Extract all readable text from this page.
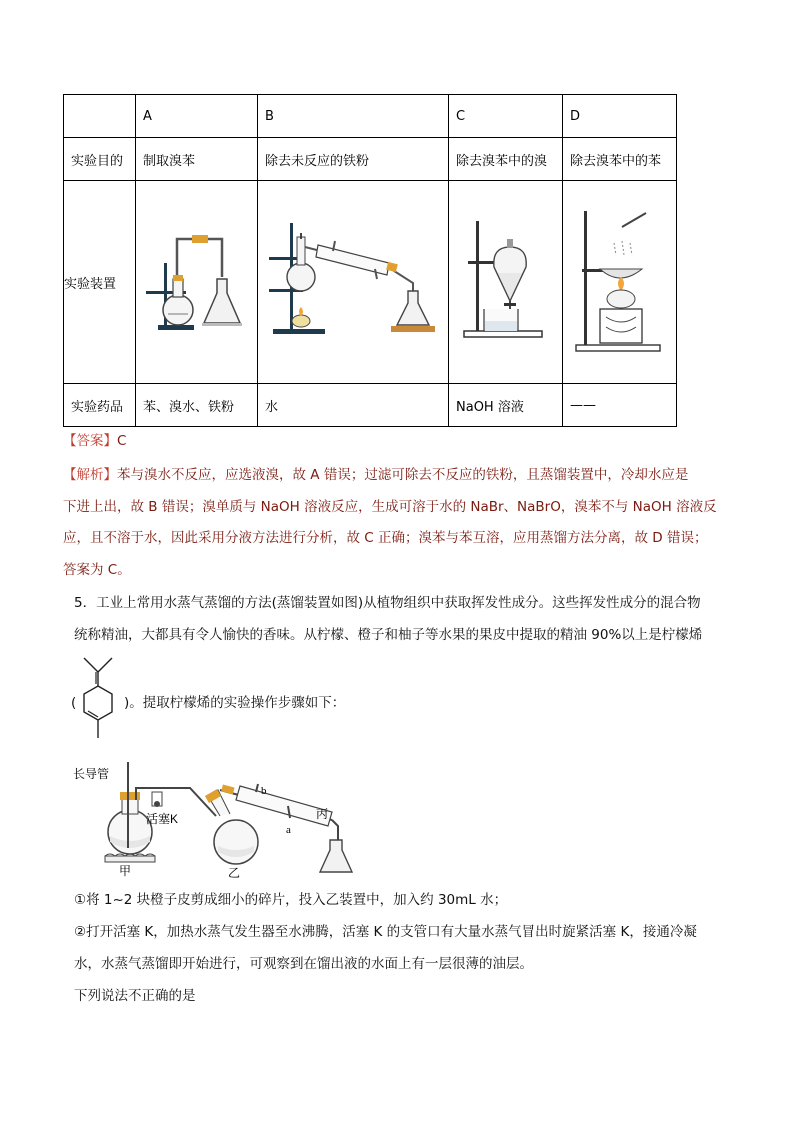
	A	B	C	D
实验目的	制取溴苯	除去未反应的铁粉	除去溴苯中的溴	除去溴苯中的苯
实验装置	

实验药品	苯、溴水、铁粉	水	NaOH 溶液	——
【答案】C
【解析】苯与溴水不反应，应选液溴，故 A 错误；过滤可除去不反应的铁粉，且蒸馏装置中，冷却水应是
下进上出，故 B 错误；溴单质与 NaOH 溶液反应，生成可溶于水的 NaBr、NaBrO，溴苯不与 NaOH 溶液反
应，且不溶于水，因此采用分液方法进行分析，故 C 正确；溴苯与苯互溶，应用蒸馏方法分离，故 D 错误；
答案为 C。
5．工业上常用水蒸气蒸馏的方法(蒸馏装置如图)从植物组织中获取挥发性成分。这些挥发性成分的混合物
统称精油，大都具有令人愉快的香味。从柠檬、橙子和柚子等水果的果皮中提取的精油 90%以上是柠檬烯
(	)。提取柠檬烯的实验操作步骤如下：
长导管
活塞K
b
a
丙
甲	乙
①将 1~2 块橙子皮剪成细小的碎片，投入乙装置中，加入约 30mL 水；
②打开活塞 K，加热水蒸气发生器至水沸腾，活塞 K 的支管口有大量水蒸气冒出时旋紧活塞 K，接通冷凝
水，水蒸气蒸馏即开始进行，可观察到在馏出液的水面上有一层很薄的油层。
下列说法不正确的是
